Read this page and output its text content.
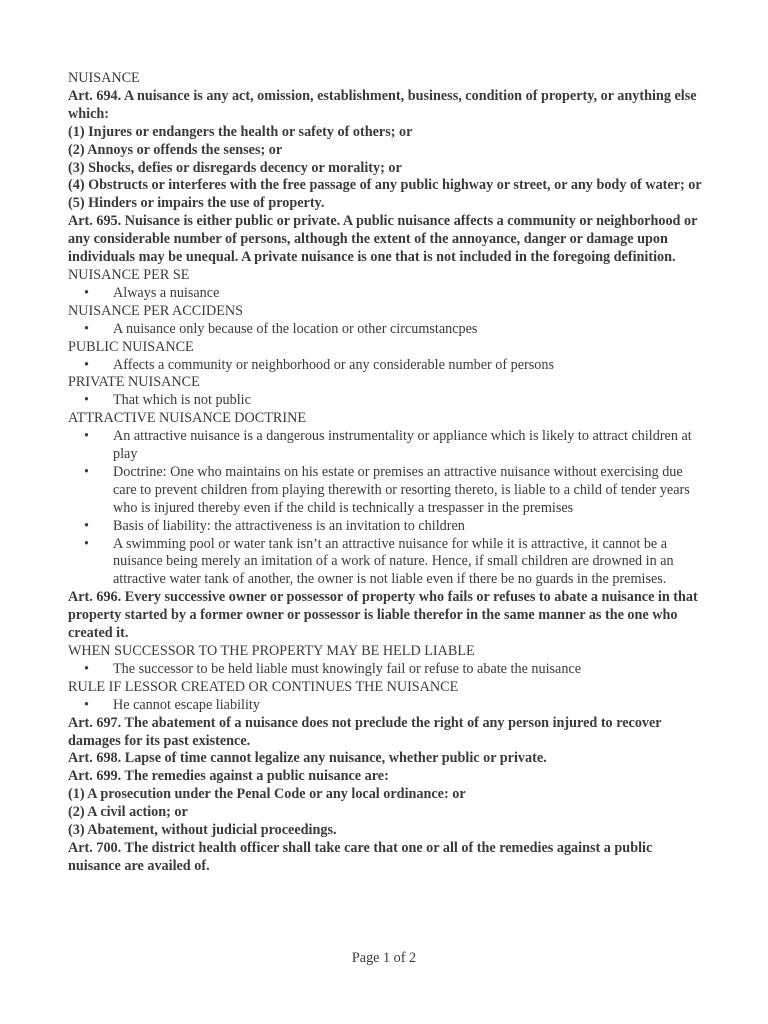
NUISANCE

Art. 694. A nuisance is any act, omission, establishment, business, condition of property, or anything else which:

(1) Injures or endangers the health or safety of others; or

(2) Annoys or offends the senses; or

(3) Shocks, defies or disregards decency or morality; or

(4) Obstructs or interferes with the free passage of any public highway or street, or any body of water; or

(5) Hinders or impairs the use of property.

Art. 695. Nuisance is either public or private. A public nuisance affects a community or neighborhood or any considerable number of persons, although the extent of the annoyance, danger or damage upon individuals may be unequal. A private nuisance is one that is not included in the foregoing definition.

NUISANCE PER SE

•	Always a nuisance

NUISANCE PER ACCIDENS

•	A nuisance only because of the location or other circumstancpes

PUBLIC NUISANCE

•	Affects a community or neighborhood or any considerable number of persons

PRIVATE NUISANCE

•	That which is not public

ATTRACTIVE NUISANCE DOCTRINE

•	An attractive nuisance is a dangerous instrumentality or appliance which is likely to attract children at play
•	Doctrine: One who maintains on his estate or premises an attractive nuisance without exercising due care to prevent children from playing therewith or resorting thereto, is liable to a child of tender years who is injured thereby even if the child is technically a trespasser in the premises
•	Basis of liability: the attractiveness is an invitation to children
•	A swimming pool or water tank isn’t an attractive nuisance for while it is attractive, it cannot be a nuisance being merely an imitation of a work of nature. Hence, if small children are drowned in an attractive water tank of another, the owner is not liable even if there be no guards in the premises.

Art. 696. Every successive owner or possessor of property who fails or refuses to abate a nuisance in that property started by a former owner or possessor is liable therefor in the same manner as the one who created it.

WHEN SUCCESSOR TO THE PROPERTY MAY BE HELD LIABLE

•	The successor to be held liable must knowingly fail or refuse to abate the nuisance

RULE IF LESSOR CREATED OR CONTINUES THE NUISANCE

•	He cannot escape liability

Art. 697. The abatement of a nuisance does not preclude the right of any person injured to recover damages for its past existence.

Art. 698. Lapse of time cannot legalize any nuisance, whether public or private.

Art. 699. The remedies against a public nuisance are:

(1) A prosecution under the Penal Code or any local ordinance: or

(2) A civil action; or

(3) Abatement, without judicial proceedings.

Art. 700. The district health officer shall take care that one or all of the remedies against a public nuisance are availed of.

Page 1 of 2
